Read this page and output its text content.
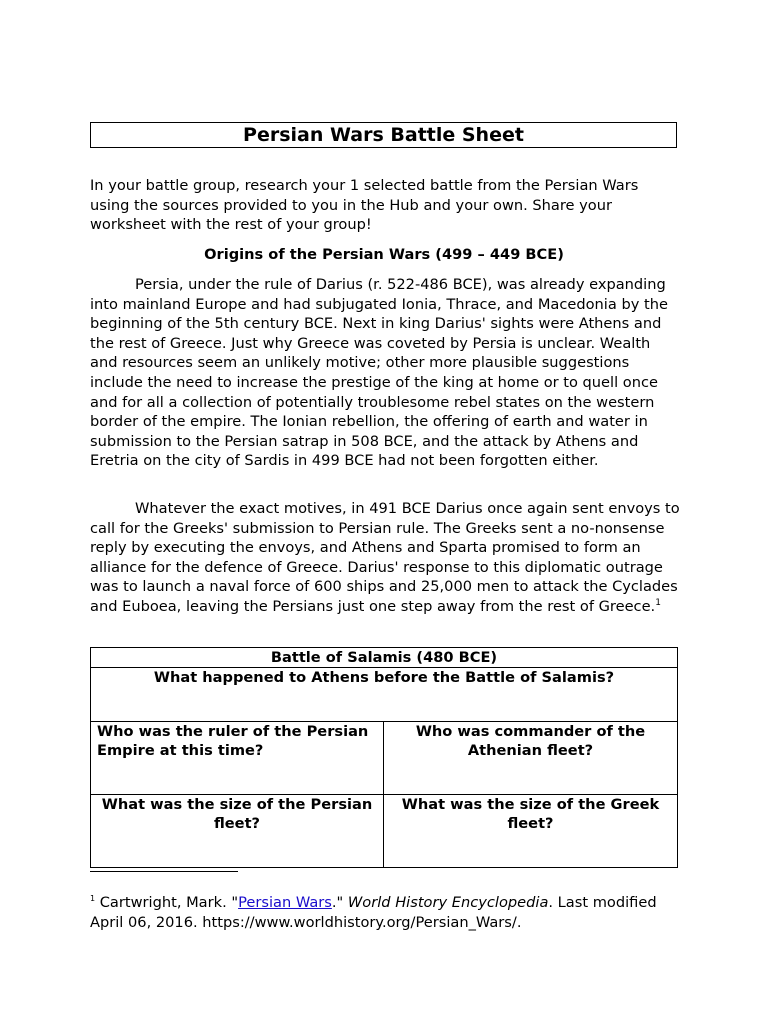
Persian Wars Battle Sheet

In your battle group, research your 1 selected battle from the Persian Wars using the sources provided to you in the Hub and your own. Share your worksheet with the rest of your group!

Origins of the Persian Wars (499 – 449 BCE)

Persia, under the rule of Darius (r. 522-486 BCE), was already expanding into mainland Europe and had subjugated Ionia, Thrace, and Macedonia by the beginning of the 5th century BCE. Next in king Darius' sights were Athens and the rest of Greece. Just why Greece was coveted by Persia is unclear. Wealth and resources seem an unlikely motive; other more plausible suggestions include the need to increase the prestige of the king at home or to quell once and for all a collection of potentially troublesome rebel states on the western border of the empire. The Ionian rebellion, the offering of earth and water in submission to the Persian satrap in 508 BCE, and the attack by Athens and Eretria on the city of Sardis in 499 BCE had not been forgotten either.

Whatever the exact motives, in 491 BCE Darius once again sent envoys to call for the Greeks' submission to Persian rule. The Greeks sent a no-nonsense reply by executing the envoys, and Athens and Sparta promised to form an alliance for the defence of Greece. Darius' response to this diplomatic outrage was to launch a naval force of 600 ships and 25,000 men to attack the Cyclades and Euboea, leaving the Persians just one step away from the rest of Greece.$^1$

Battle of Salamis (480 BCE)	
What happened to Athens before the Battle of Salamis?	
Who was the ruler of the Persian Empire at this time?	Who was commander of the Athenian fleet?
What was the size of the Persian fleet?	What was the size of the Greek fleet?

$^1$ Cartwright, Mark. "Persian Wars." World History Encyclopedia. Last modified April 06, 2016. https://www.worldhistory.org/Persian_Wars/.
